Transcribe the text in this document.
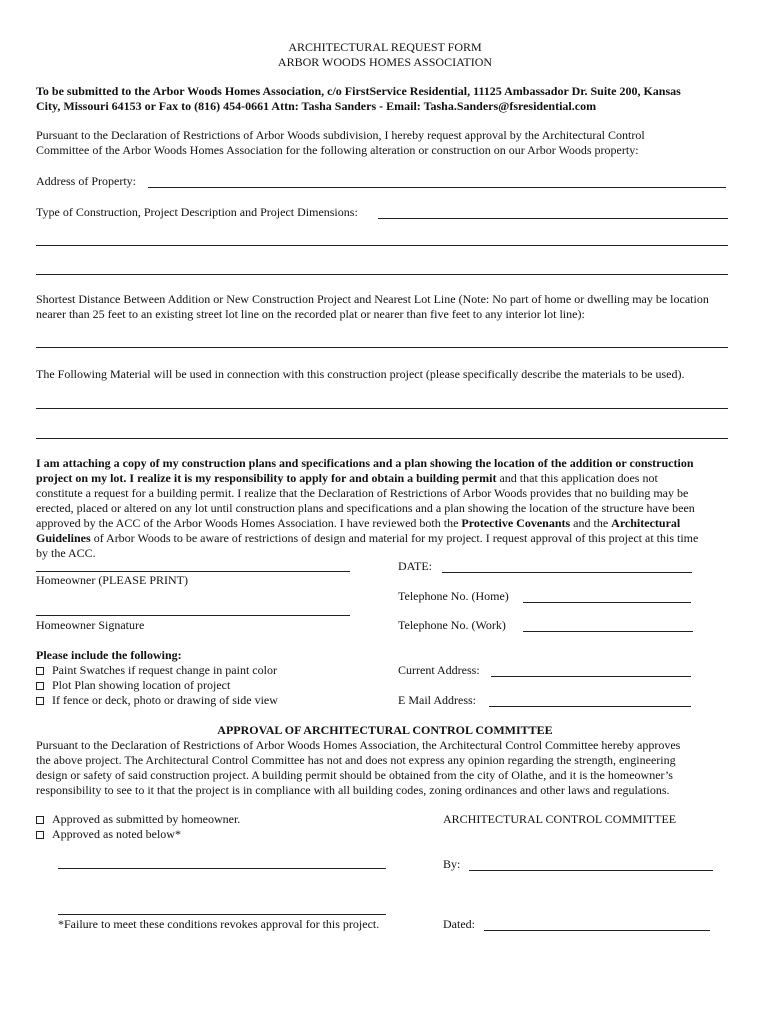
ARCHITECTURAL REQUEST FORM
ARBOR WOODS HOMES ASSOCIATION
To be submitted to the Arbor Woods Homes Association, c/o FirstService Residential, 11125 Ambassador Dr. Suite 200, Kansas
City, Missouri 64153 or Fax to (816) 454-0661 Attn: Tasha Sanders - Email: Tasha.Sanders@fsresidential.com
Pursuant to the Declaration of Restrictions of Arbor Woods subdivision, I hereby request approval by the Architectural Control
Committee of the Arbor Woods Homes Association for the following alteration or construction on our Arbor Woods property:
Address of Property:
Type of Construction, Project Description and Project Dimensions:
Shortest Distance Between Addition or New Construction Project and Nearest Lot Line (Note: No part of home or dwelling may be location
nearer than 25 feet to an existing street lot line on the recorded plat or nearer than five feet to any interior lot line):
The Following Material will be used in connection with this construction project (please specifically describe the materials to be used).
I am attaching a copy of my construction plans and specifications and a plan showing the location of the addition or construction
project on my lot. I realize it is my responsibility to apply for and obtain a building permit and that this application does not
constitute a request for a building permit. I realize that the Declaration of Restrictions of Arbor Woods provides that no building may be
erected, placed or altered on any lot until construction plans and specifications and a plan showing the location of the structure have been
approved by the ACC of the Arbor Woods Homes Association. I have reviewed both the Protective Covenants and the Architectural
Guidelines of Arbor Woods to be aware of restrictions of design and material for my project. I request approval of this project at this time
by the ACC.
Homeowner (PLEASE PRINT)
Homeowner Signature
DATE:
Telephone No. (Home)
Telephone No. (Work)
Please include the following:
Paint Swatches if request change in paint color
Plot Plan showing location of project
If fence or deck, photo or drawing of side view
Current Address:
E Mail Address:
APPROVAL OF ARCHITECTURAL CONTROL COMMITTEE
Pursuant to the Declaration of Restrictions of Arbor Woods Homes Association, the Architectural Control Committee hereby approves
the above project. The Architectural Control Committee has not and does not express any opinion regarding the strength, engineering
design or safety of said construction project. A building permit should be obtained from the city of Olathe, and it is the homeowner’s
responsibility to see to it that the project is in compliance with all building codes, zoning ordinances and other laws and regulations.
Approved as submitted by homeowner.
Approved as noted below*
ARCHITECTURAL CONTROL COMMITTEE
By:
*Failure to meet these conditions revokes approval for this project.	Dated:
